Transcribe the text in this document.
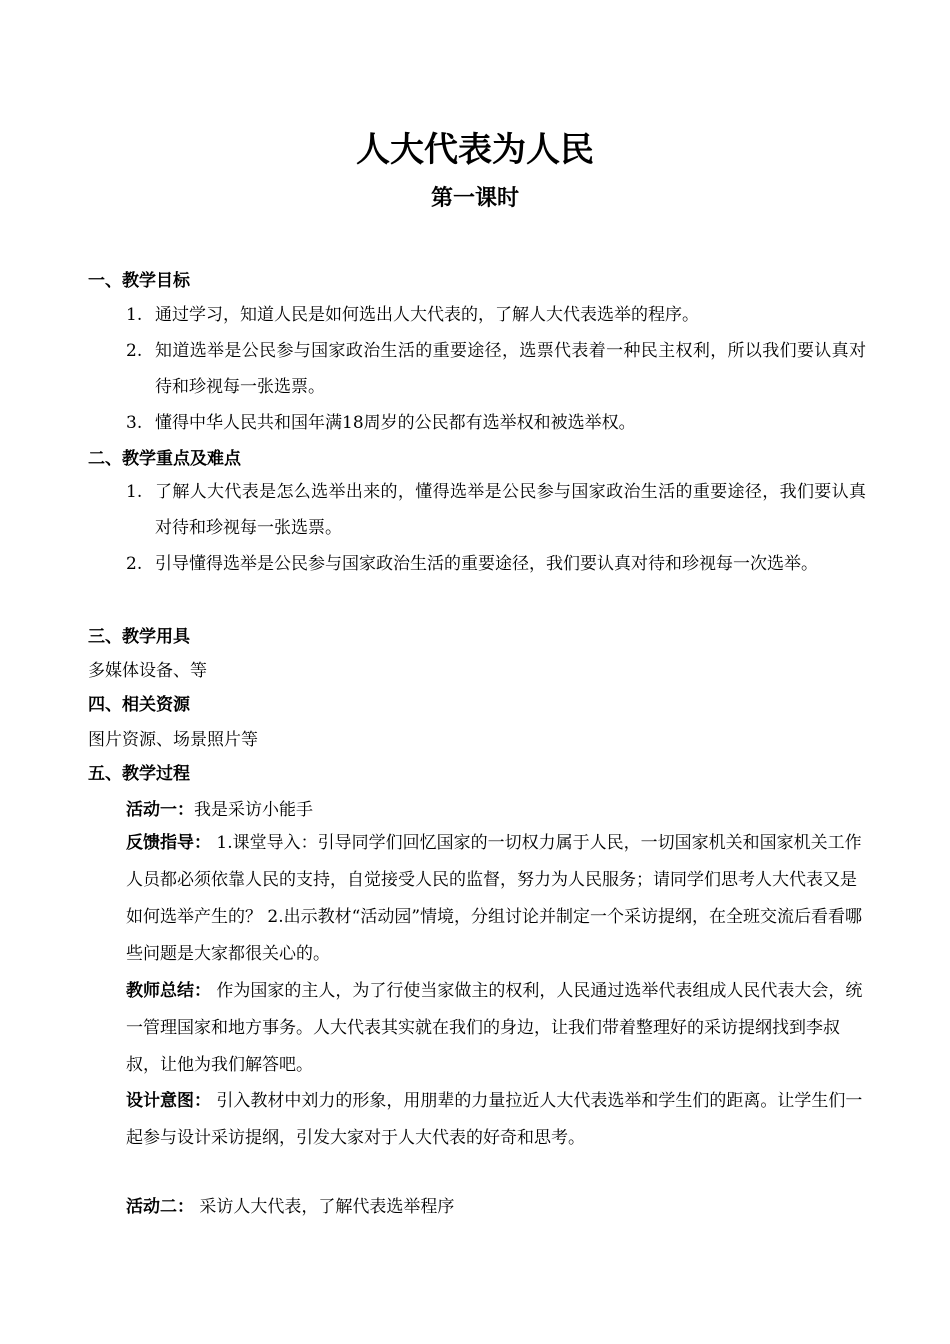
人大代表为人民
第一课时
一、教学目标
1. 通过学习，知道人民是如何选出人大代表的，了解人大代表选举的程序。
2. 知道选举是公民参与国家政治生活的重要途径，选票代表着一种民主权利，所以我们要认真对待和珍视每一张选票。
3. 懂得中华人民共和国年满18周岁的公民都有选举权和被选举权。
二、教学重点及难点
1. 了解人大代表是怎么选举出来的，懂得选举是公民参与国家政治生活的重要途径，我们要认真对待和珍视每一张选票。
2. 引导懂得选举是公民参与国家政治生活的重要途径，我们要认真对待和珍视每一次选举。
三、教学用具
多媒体设备、等
四、相关资源
图片资源、场景照片等
五、教学过程
活动一：我是采访小能手
反馈指导： 1.课堂导入：引导同学们回忆国家的一切权力属于人民，一切国家机关和国家机关工作人员都必须依靠人民的支持，自觉接受人民的监督，努力为人民服务；请同学们思考人大代表又是如何选举产生的？ 2.出示教材“活动园”情境，分组讨论并制定一个采访提纲，在全班交流后看看哪些问题是大家都很关心的。
教师总结： 作为国家的主人，为了行使当家做主的权利，人民通过选举代表组成人民代表大会，统一管理国家和地方事务。人大代表其实就在我们的身边，让我们带着整理好的采访提纲找到李叔叔，让他为我们解答吧。
设计意图： 引入教材中刘力的形象，用朋辈的力量拉近人大代表选举和学生们的距离。让学生们一起参与设计采访提纲，引发大家对于人大代表的好奇和思考。
活动二： 采访人大代表，了解代表选举程序
